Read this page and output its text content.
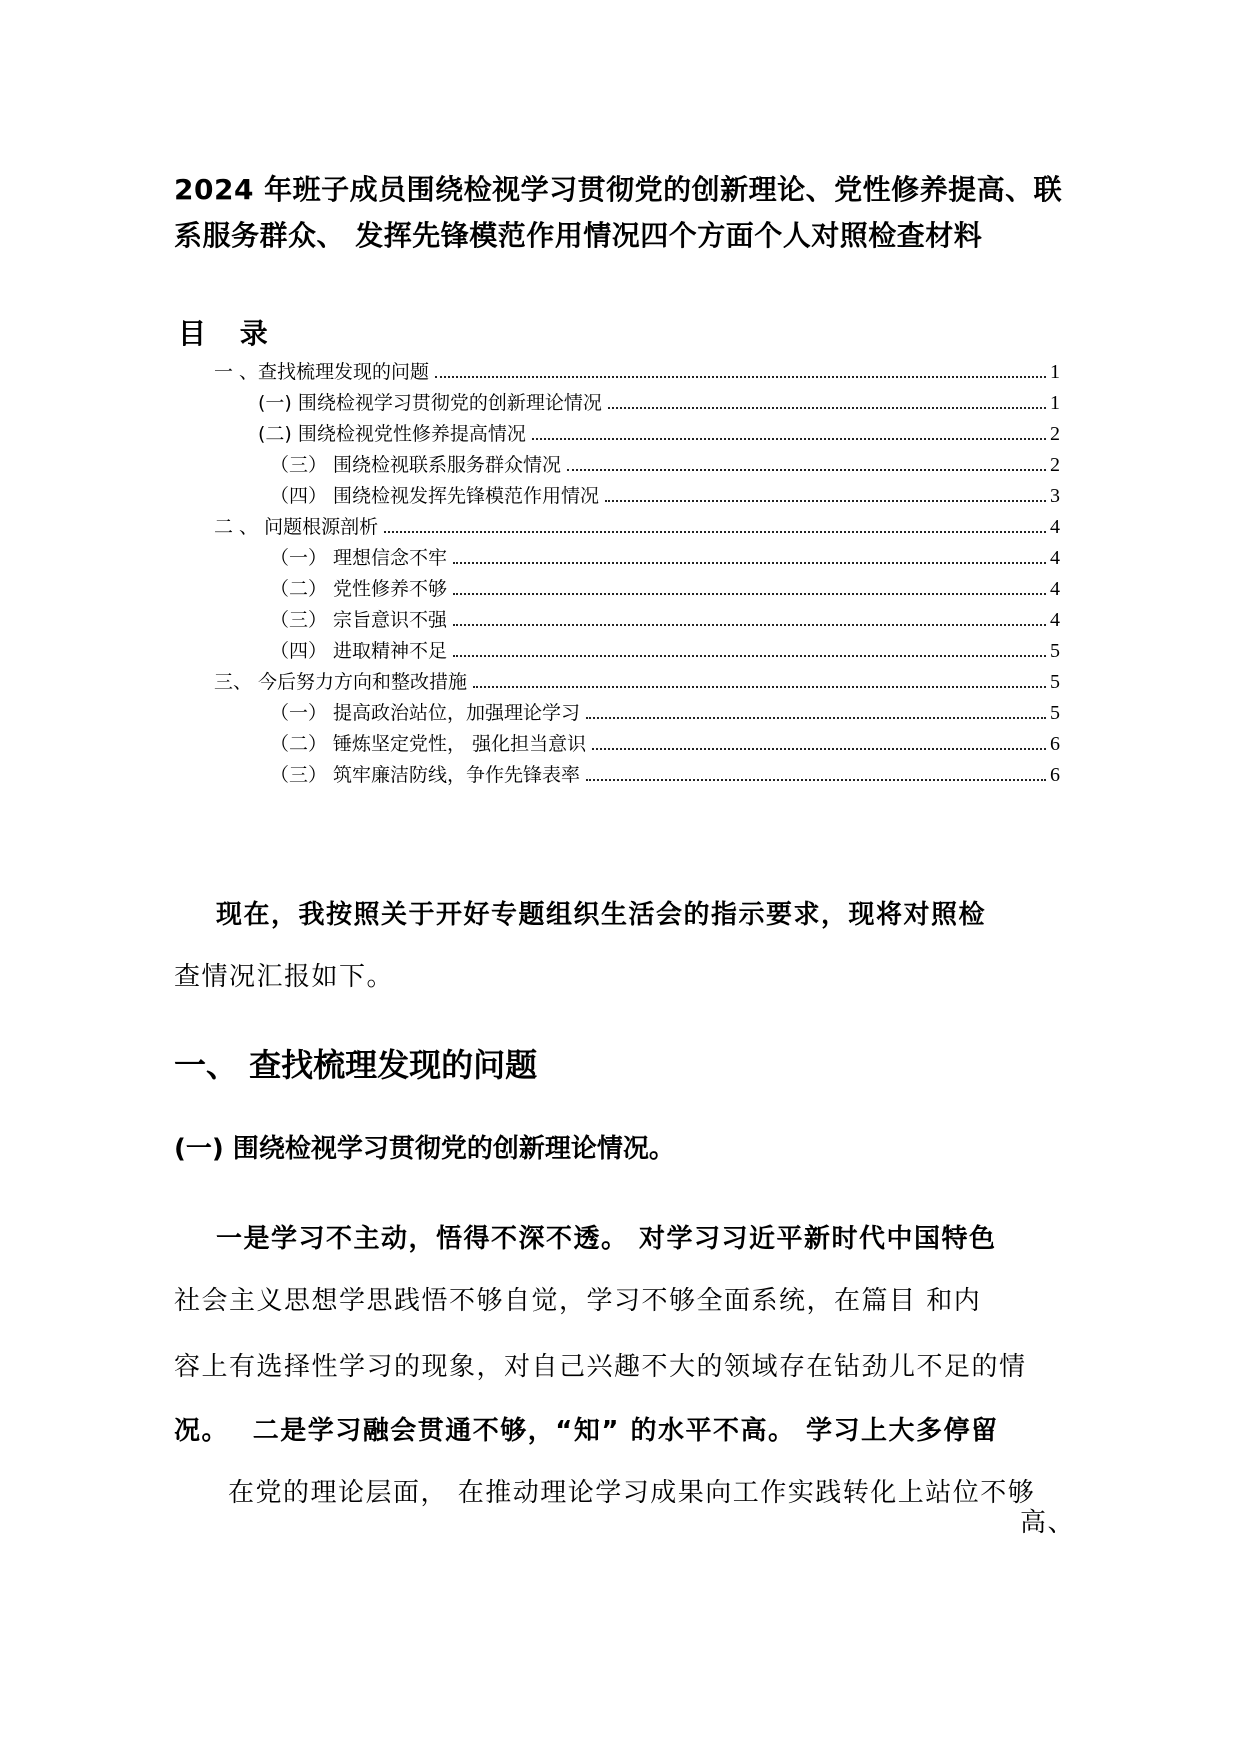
2024 年班子成员围绕检视学习贯彻党的创新理论、党性修养提高、联
系服务群众、 发挥先锋模范作用情况四个方面个人对照检查材料
目 录
一 、查找梳理发现的问题	1
(一) 围绕检视学习贯彻党的创新理论情况	1
(二) 围绕检视党性修养提高情况	2
（三） 围绕检视联系服务群众情况	2
（四） 围绕检视发挥先锋模范作用情况	3
二 、 问题根源剖析	4
（一） 理想信念不牢	4
（二） 党性修养不够	4
（三） 宗旨意识不强	4
（四） 进取精神不足	5
三、 今后努力方向和整改措施	5
（一） 提高政治站位，加强理论学习	5
（二） 锤炼坚定党性， 强化担当意识	6
（三） 筑牢廉洁防线，争作先锋表率	6
现在，我按照关于开好专题组织生活会的指示要求，现将对照检
查情况汇报如下。
一、 查找梳理发现的问题
(一) 围绕检视学习贯彻党的创新理论情况。
一是学习不主动，悟得不深不透。 对学习习近平新时代中国特色
社会主义思想学思践悟不够自觉，学习不够全面系统，在篇目 和内
容上有选择性学习的现象，对自己兴趣不大的领域存在钻劲儿不足的情
况。 二是学习融会贯通不够，“知” 的水平不高。 学习上大多停留
在党的理论层面， 在推动理论学习成果向工作实践转化上站位不够
高、
